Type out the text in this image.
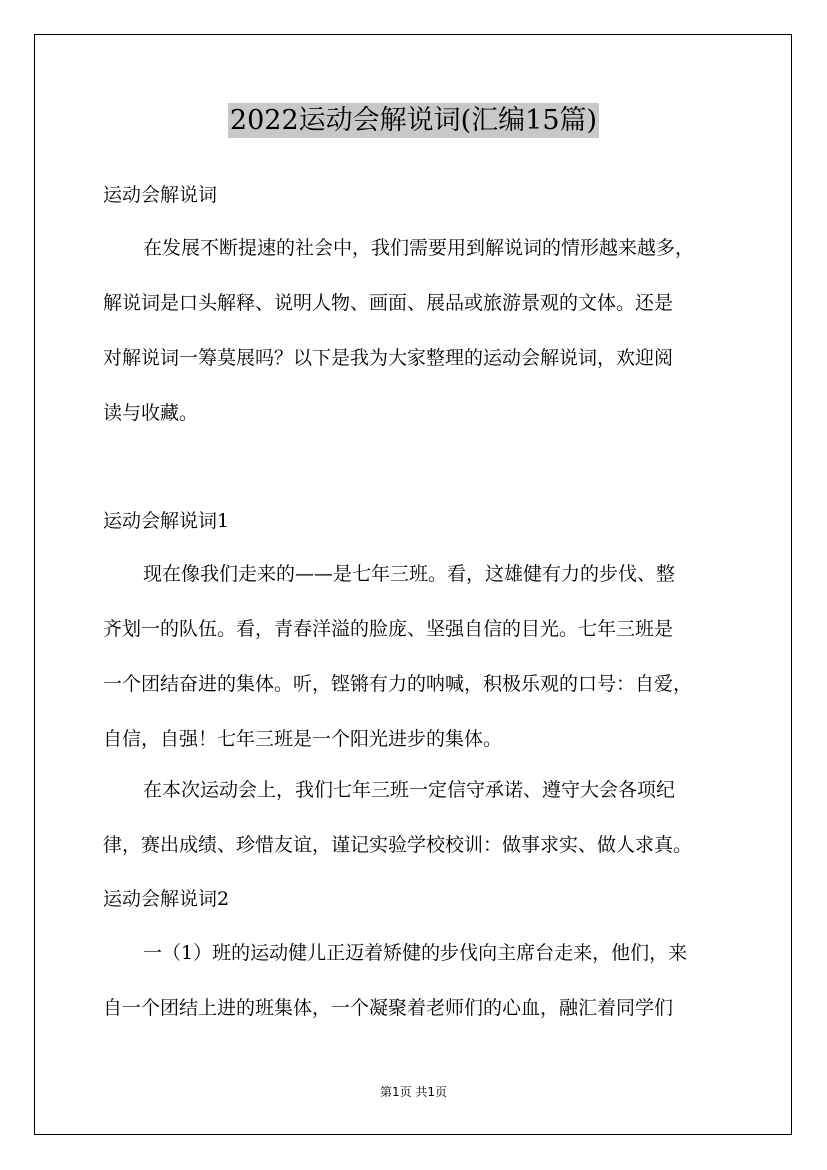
2022运动会解说词(汇编15篇)
运动会解说词
在发展不断提速的社会中，我们需要用到解说词的情形越来越多，
解说词是口头解释、说明人物、画面、展品或旅游景观的文体。还是
对解说词一筹莫展吗？以下是我为大家整理的运动会解说词，欢迎阅
读与收藏。
运动会解说词1
现在像我们走来的——是七年三班。看，这雄健有力的步伐、整
齐划一的队伍。看，青春洋溢的脸庞、坚强自信的目光。七年三班是
一个团结奋进的集体。听，铿锵有力的呐喊，积极乐观的口号：自爱，
自信，自强！七年三班是一个阳光进步的集体。
在本次运动会上，我们七年三班一定信守承诺、遵守大会各项纪
律，赛出成绩、珍惜友谊，谨记实验学校校训：做事求实、做人求真。
运动会解说词2
一（1）班的运动健儿正迈着矫健的步伐向主席台走来，他们，来
自一个团结上进的班集体，一个凝聚着老师们的心血，融汇着同学们
第1页 共1页
